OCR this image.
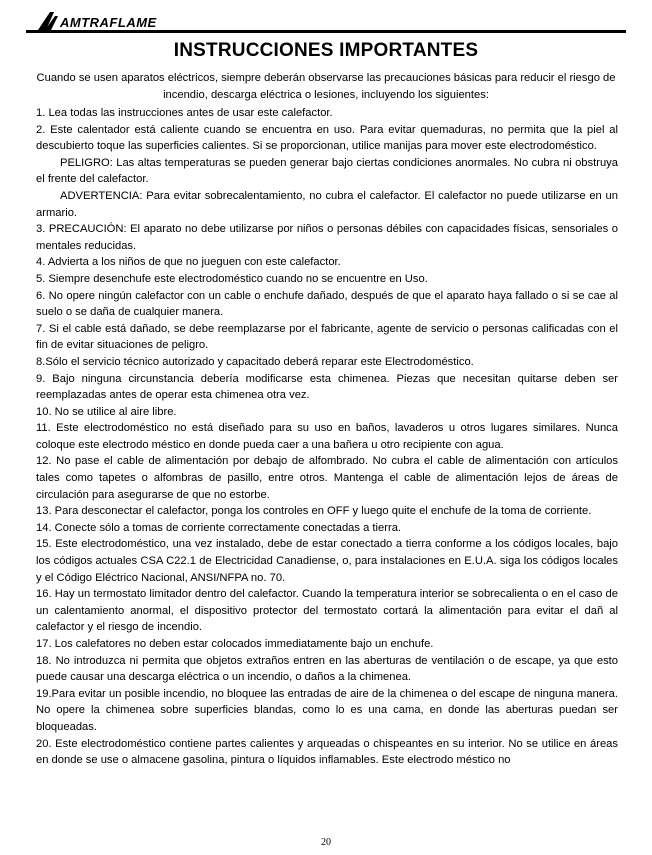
AMTRAFLAME
INSTRUCCIONES IMPORTANTES
Cuando se usen aparatos eléctricos, siempre deberán observarse las precauciones básicas para reducir el riesgo de incendio, descarga eléctrica o lesiones, incluyendo los siguientes:

1. Lea todas las instrucciones antes de usar este calefactor.

2. Este calentador está caliente cuando se encuentra en uso. Para evitar quemaduras, no permita que la piel al descubierto toque las superficies calientes. Si se proporcionan, utilice manijas para mover este electrodoméstico.

PELIGRO: Las altas temperaturas se pueden generar bajo ciertas condiciones anormales. No cubra ni obstruya el frente del calefactor.

ADVERTENCIA: Para evitar sobrecalentamiento, no cubra el calefactor. El calefactor no puede utilizarse en un armario.

3. PRECAUCIÓN: El aparato no debe utilizarse por niños o personas débiles con capacidades físicas, sensoriales o mentales reducidas.

4. Advierta a los niños de que no jueguen con este calefactor.

5. Siempre desenchufe este electrodoméstico cuando no se encuentre en Uso.

6. No opere ningún calefactor con un cable o enchufe dañado, después de que el aparato haya fallado o si se cae al suelo o se daña de cualquier manera.

7. Si el cable está dañado, se debe reemplazarse por el fabricante, agente de servicio o personas calificadas con el fin de evitar situaciones de peligro.

8.Sólo el servicio técnico autorizado y capacitado deberá reparar este Electrodoméstico.

9. Bajo ninguna circunstancia debería modificarse esta chimenea. Piezas que necesitan quitarse deben ser reemplazadas antes de operar esta chimenea otra vez.

10. No se utilice al aire libre.

11. Este electrodoméstico no está diseñado para su uso en baños, lavaderos u otros lugares similares. Nunca coloque este electrodo méstico en donde pueda caer a una bañera u otro recipiente con agua.

12. No pase el cable de alimentación por debajo de alfombrado. No cubra el cable de alimentación con artículos tales como tapetes o alfombras de pasillo, entre otros. Mantenga el cable de alimentación lejos de áreas de circulación para asegurarse de que no estorbe.

13. Para desconectar el calefactor, ponga los controles en OFF y luego quite el enchufe de la toma de corriente.

14. Conecte sólo a tomas de corriente correctamente conectadas a tierra.

15. Este electrodoméstico, una vez instalado, debe de estar conectado a tierra conforme a los códigos locales, bajo los códigos actuales CSA C22.1 de Electricidad Canadiense, o, para instalaciones en E.U.A. siga los códigos locales y el Código Eléctrico Nacional, ANSI/NFPA no. 70.

16. Hay un termostato limitador dentro del calefactor. Cuando la temperatura interior se sobrecalienta o en el caso de un calentamiento anormal, el dispositivo protector del termostato cortará la alimentación para evitar el dañ al calefactor y el riesgo de incendio.

17. Los calefatores no deben estar colocados immediatamente bajo un enchufe.

18. No introduzca ni permita que objetos extraños entren en las aberturas de ventilación o de escape, ya que esto puede causar una descarga eléctrica o un incendio, o daños a la chimenea.

19.Para evitar un posible incendio, no bloquee las entradas de aire de la chimenea o del escape de ninguna manera. No opere la chimenea sobre superficies blandas, como lo es una cama, en donde las aberturas puedan ser bloqueadas.

20. Este electrodoméstico contiene partes calientes y arqueadas o chispeantes en su interior. No se utilice en áreas en donde se use o almacene gasolina, pintura o líquidos inflamables. Este electrodo méstico no

20
